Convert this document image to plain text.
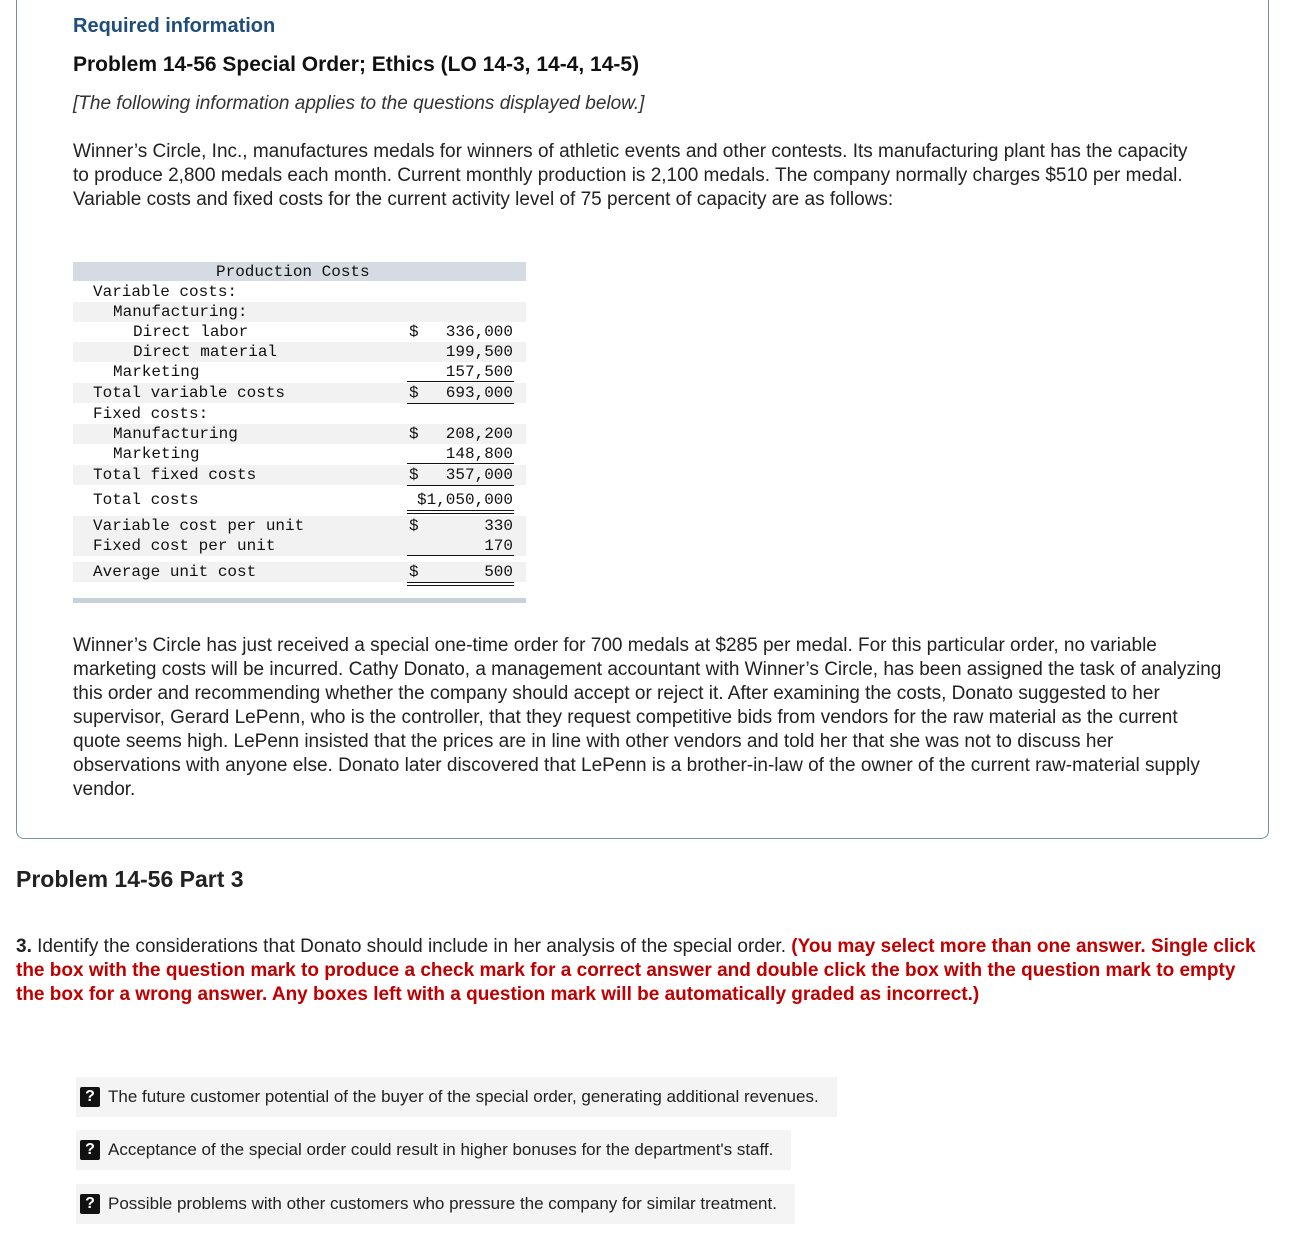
Required information
Problem 14-56 Special Order; Ethics (LO 14-3, 14-4, 14-5)
[The following information applies to the questions displayed below.]
Winner’s Circle, Inc., manufactures medals for winners of athletic events and other contests. Its manufacturing plant has the capacity to produce 2,800 medals each month. Current monthly production is 2,100 medals. The company normally charges $510 per medal. Variable costs and fixed costs for the current activity level of 75 percent of capacity are as follows:
Production Costs
Variable costs:
Manufacturing:
Direct labor	$ 336,000
Direct material	199,500
Marketing	157,500
Total variable costs	$ 693,000
Fixed costs:
Manufacturing	$ 208,200
Marketing	148,800
Total fixed costs	$ 357,000
Total costs	$1,050,000
Variable cost per unit	$	330
Fixed cost per unit	170
Average unit cost	$	500
Winner’s Circle has just received a special one-time order for 700 medals at $285 per medal. For this particular order, no variable marketing costs will be incurred. Cathy Donato, a management accountant with Winner’s Circle, has been assigned the task of analyzing this order and recommending whether the company should accept or reject it. After examining the costs, Donato suggested to her supervisor, Gerard LePenn, who is the controller, that they request competitive bids from vendors for the raw material as the current quote seems high. LePenn insisted that the prices are in line with other vendors and told her that she was not to discuss her observations with anyone else. Donato later discovered that LePenn is a brother-in-law of the owner of the current raw-material supply vendor.
Problem 14-56 Part 3
3. Identify the considerations that Donato should include in her analysis of the special order. (You may select more than one answer. Single click the box with the question mark to produce a check mark for a correct answer and double click the box with the question mark to empty the box for a wrong answer. Any boxes left with a question mark will be automatically graded as incorrect.)
? The future customer potential of the buyer of the special order, generating additional revenues.
? Acceptance of the special order could result in higher bonuses for the department's staff.
? Possible problems with other customers who pressure the company for similar treatment.
